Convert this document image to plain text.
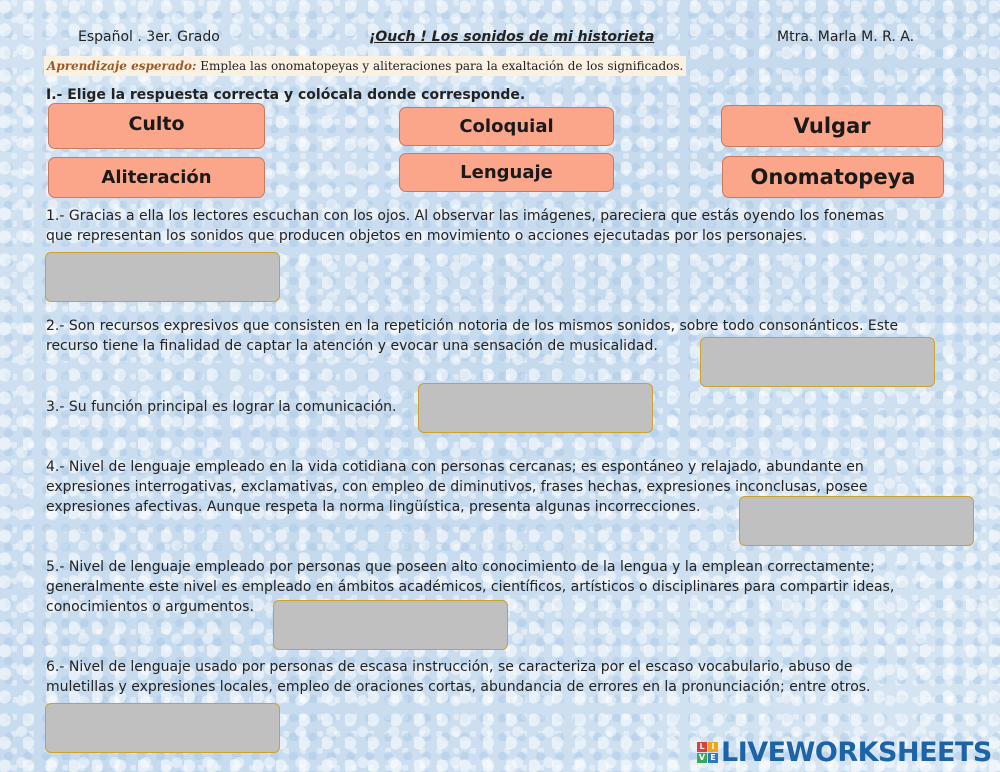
Español . 3er. Grado	¡Ouch ! Los sonidos de mi historieta	Mtra. Marla M. R. A.
Aprendizaje esperado: Emplea las onomatopeyas y aliteraciones para la exaltación de los significados.
I.- Elige la respuesta correcta y colócala donde corresponde.
Culto	Coloquial	Vulgar
Aliteración	Lenguaje	Onomatopeya
1.- Gracias a ella los lectores escuchan con los ojos. Al observar las imágenes, pareciera que estás oyendo los fonemas
que representan los sonidos que producen objetos en movimiento o acciones ejecutadas por los personajes.
2.- Son recursos expresivos que consisten en la repetición notoria de los mismos sonidos, sobre todo consonánticos. Este
recurso tiene la finalidad de captar la atención y evocar una sensación de musicalidad.
3.- Su función principal es lograr la comunicación.
4.- Nivel de lenguaje empleado en la vida cotidiana con personas cercanas; es espontáneo y relajado, abundante en
expresiones interrogativas, exclamativas, con empleo de diminutivos, frases hechas, expresiones inconclusas, posee
expresiones afectivas. Aunque respeta la norma lingüística, presenta algunas incorrecciones.
5.- Nivel de lenguaje empleado por personas que poseen alto conocimiento de la lengua y la emplean correctamente;
generalmente este nivel es empleado en ámbitos académicos, científicos, artísticos o disciplinares para compartir ideas,
conocimientos o argumentos.
6.- Nivel de lenguaje usado por personas de escasa instrucción, se caracteriza por el escaso vocabulario, abuso de
muletillas y expresiones locales, empleo de oraciones cortas, abundancia de errores en la pronunciación; entre otros.
L I
V E LIVEWORKSHEETS
